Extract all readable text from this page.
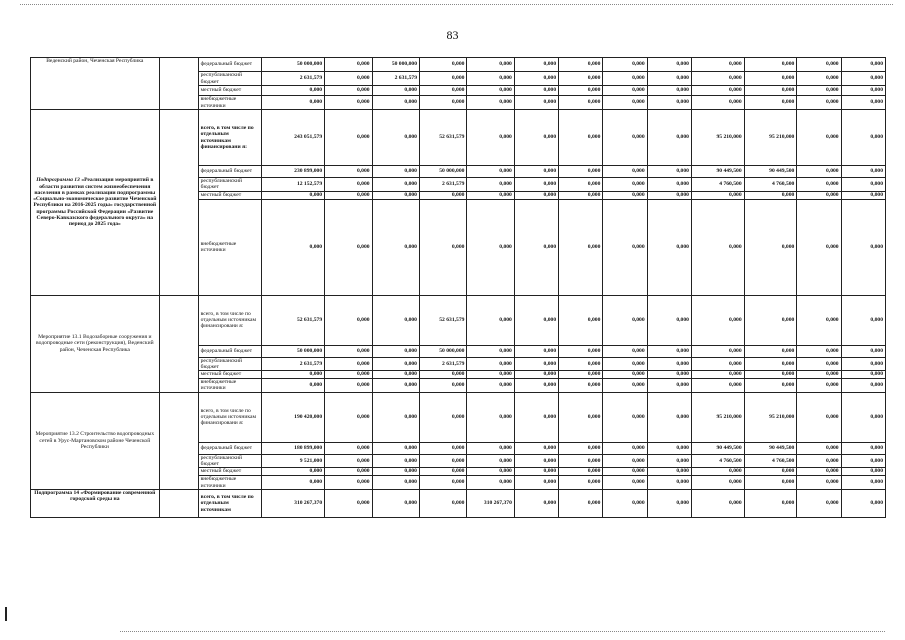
83
Веденский район, Чеченская Республика		федеральный бюджет	50 000,000	0,000	50 000,000	0,000	0,000	0,000	0,000	0,000	0,000	0,000	0,000	0,000	0,000
		республиканский бюджет	2 631,579	0,000	2 631,579	0,000	0,000	0,000	0,000	0,000	0,000	0,000	0,000	0,000	0,000
		местный бюджет	0,000	0,000	0,000	0,000	0,000	0,000	0,000	0,000	0,000	0,000	0,000	0,000	0,000
		внебюджетные источники	0,000	0,000	0,000	0,000	0,000	0,000	0,000	0,000	0,000	0,000	0,000	0,000	0,000
Подпрограмма 13 «Реализация мероприятий в области развития систем жизнеобеспечения населения в рамках реализации подпрограммы «Социально-экономическое развитие Чеченской Республики на 2016-2025 годы» государственной программы Российской Федерации «Развитие Северо-Кавказского федерального округа» на период до 2025 года»		всего, в том числе по отдельным источникам финансировани я:	243 051,579	0,000	0,000	52 631,579	0,000	0,000	0,000	0,000	0,000	95 210,000	95 210,000	0,000	0,000
		федеральный бюджет	230 899,000	0,000	0,000	50 000,000	0,000	0,000	0,000	0,000	0,000	90 449,500	90 449,500	0,000	0,000
		республиканский бюджет	12 152,579	0,000	0,000	2 631,579	0,000	0,000	0,000	0,000	0,000	4 760,500	4 760,500	0,000	0,000
		местный бюджет	0,000	0,000	0,000	0,000	0,000	0,000	0,000	0,000	0,000	0,000	0,000	0,000	0,000
		внебюджетные источники	0,000	0,000	0,000	0,000	0,000	0,000	0,000	0,000	0,000	0,000	0,000	0,000	0,000
Мероприятие 13.1 Водозаборные сооружения и водопроводные сети (реконструкция), Веденский район, Чеченская Республика		всего, в том числе по отдельным источникам финансировани я:	52 631,579	0,000	0,000	52 631,579	0,000	0,000	0,000	0,000	0,000	0,000	0,000	0,000	0,000
		федеральный бюджет	50 000,000	0,000	0,000	50 000,000	0,000	0,000	0,000	0,000	0,000	0,000	0,000	0,000	0,000
		республиканский бюджет	2 631,579	0,000	0,000	2 631,579	0,000	0,000	0,000	0,000	0,000	0,000	0,000	0,000	0,000
		местный бюджет	0,000	0,000	0,000	0,000	0,000	0,000	0,000	0,000	0,000	0,000	0,000	0,000	0,000
		внебюджетные источники	0,000	0,000	0,000	0,000	0,000	0,000	0,000	0,000	0,000	0,000	0,000	0,000	0,000
Мероприятие 13.2 Строительство водопроводных сетей в Урус-Мартановском районе Чеченской Республики		всего, в том числе по отдельным источникам финансировани я:	190 420,000	0,000	0,000	0,000	0,000	0,000	0,000	0,000	0,000	95 210,000	95 210,000	0,000	0,000
		федеральный бюджет	180 899,000	0,000	0,000	0,000	0,000	0,000	0,000	0,000	0,000	90 449,500	90 449,500	0,000	0,000
		республиканский бюджет	9 521,000	0,000	0,000	0,000	0,000	0,000	0,000	0,000	0,000	4 760,500	4 760,500	0,000	0,000
		местный бюджет	0,000	0,000	0,000	0,000	0,000	0,000	0,000	0,000	0,000	0,000	0,000	0,000	0,000
		внебюджетные источники	0,000	0,000	0,000	0,000	0,000	0,000	0,000	0,000	0,000	0,000	0,000	0,000	0,000
Подпрограмма 14 «Формирование современной городской среды на		всего, в том числе по отдельным источникам	310 267,370	0,000	0,000	0,000	310 267,370	0,000	0,000	0,000	0,000	0,000	0,000	0,000	0,000
